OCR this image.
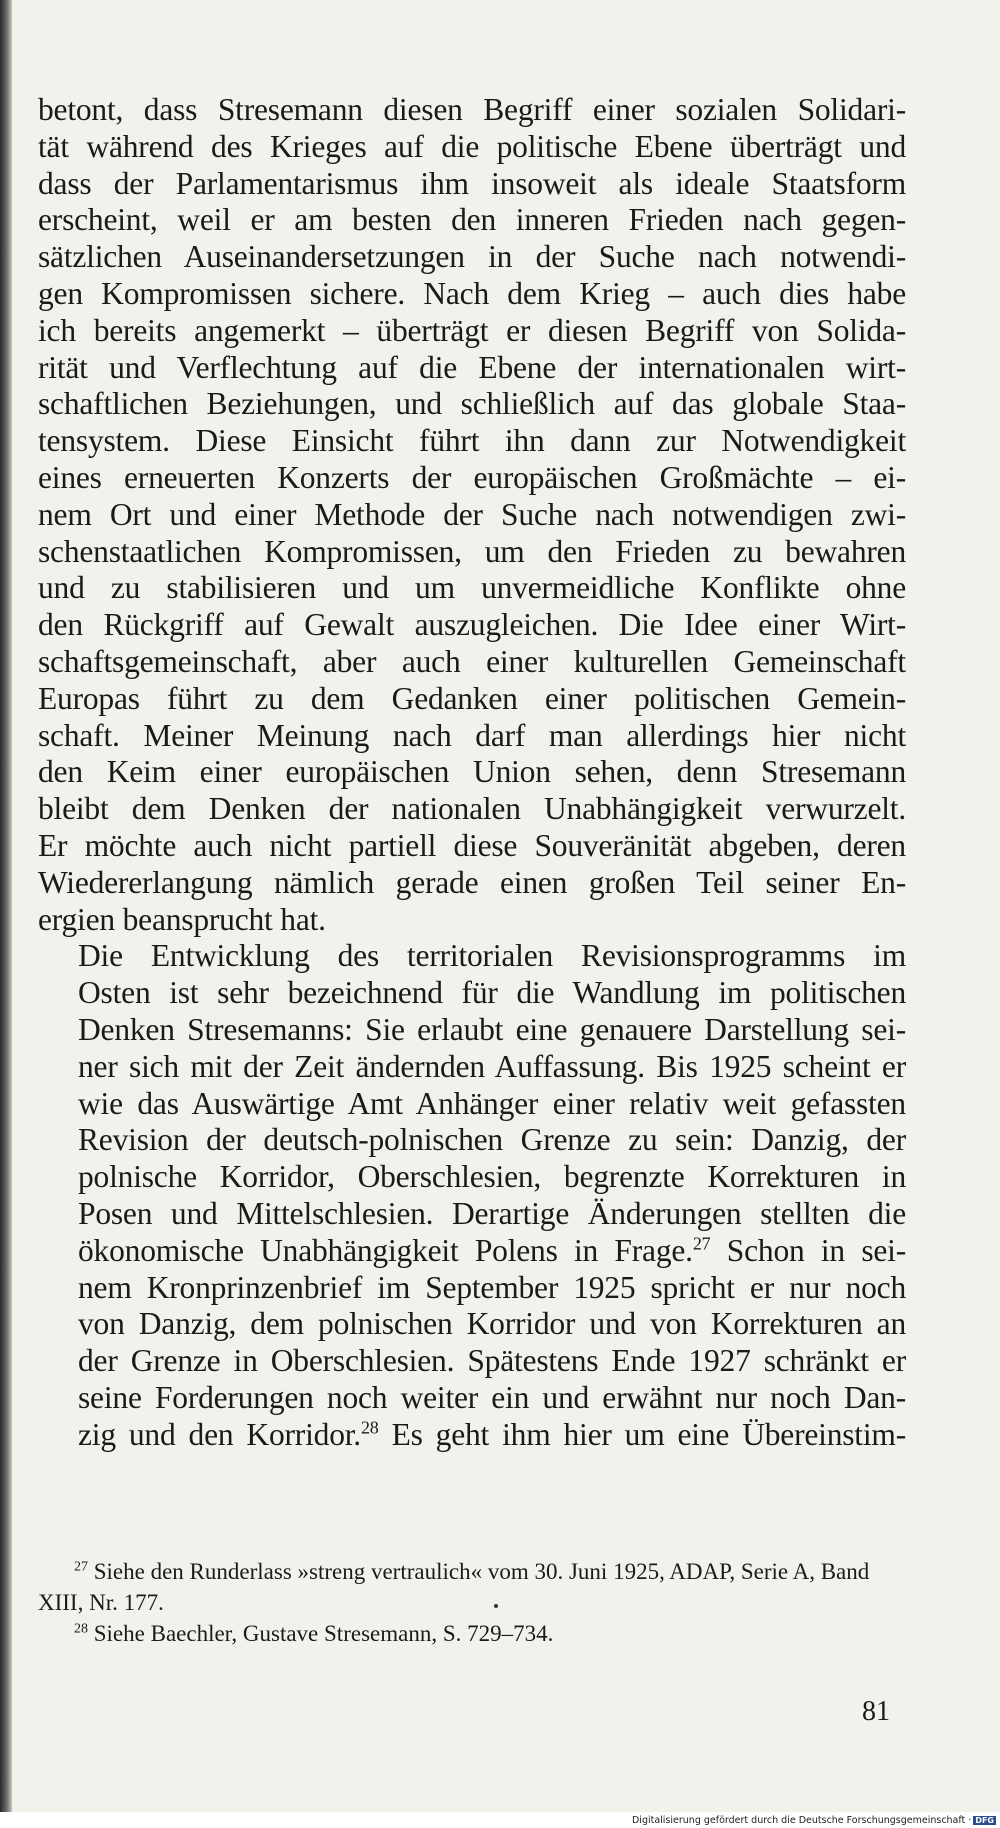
betont, dass Stresemann diesen Begriff einer sozialen Solidari-
tät während des Krieges auf die politische Ebene überträgt und
dass der Parlamentarismus ihm insoweit als ideale Staatsform
erscheint, weil er am besten den inneren Frieden nach gegen-
sätzlichen Auseinandersetzungen in der Suche nach notwendi-
gen Kompromissen sichere. Nach dem Krieg – auch dies habe
ich bereits angemerkt – überträgt er diesen Begriff von Solida-
rität und Verflechtung auf die Ebene der internationalen wirt-
schaftlichen Beziehungen, und schließlich auf das globale Staa-
tensystem. Diese Einsicht führt ihn dann zur Notwendigkeit
eines erneuerten Konzerts der europäischen Großmächte – ei-
nem Ort und einer Methode der Suche nach notwendigen zwi-
schenstaatlichen Kompromissen, um den Frieden zu bewahren
und zu stabilisieren und um unvermeidliche Konflikte ohne
den Rückgriff auf Gewalt auszugleichen. Die Idee einer Wirt-
schaftsgemeinschaft, aber auch einer kulturellen Gemeinschaft
Europas führt zu dem Gedanken einer politischen Gemein-
schaft. Meiner Meinung nach darf man allerdings hier nicht
den Keim einer europäischen Union sehen, denn Stresemann
bleibt dem Denken der nationalen Unabhängigkeit verwurzelt.
Er möchte auch nicht partiell diese Souveränität abgeben, deren
Wiedererlangung nämlich gerade einen großen Teil seiner En-
ergien beansprucht hat.

Die Entwicklung des territorialen Revisionsprogramms im
Osten ist sehr bezeichnend für die Wandlung im politischen
Denken Stresemanns: Sie erlaubt eine genauere Darstellung sei-
ner sich mit der Zeit ändernden Auffassung. Bis 1925 scheint er
wie das Auswärtige Amt Anhänger einer relativ weit gefassten
Revision der deutsch-polnischen Grenze zu sein: Danzig, der
polnische Korridor, Oberschlesien, begrenzte Korrekturen in
Posen und Mittelschlesien. Derartige Änderungen stellten die
ökonomische Unabhängigkeit Polens in Frage.$^{27}$ Schon in sei-
nem Kronprinzenbrief im September 1925 spricht er nur noch
von Danzig, dem polnischen Korridor und von Korrekturen an
der Grenze in Oberschlesien. Spätestens Ende 1927 schränkt er
seine Forderungen noch weiter ein und erwähnt nur noch Dan-
zig und den Korridor.$^{28}$ Es geht ihm hier um eine Übereinstim-

$^{27}$ Siehe den Runderlass »streng vertraulich« vom 30. Juni 1925, ADAP, Serie A, Band XIII, Nr. 177.

$^{28}$ Siehe Baechler, Gustave Stresemann, S. 729–734.

81
Digitalisierung gefördert durch die Deutsche Forschungsgemeinschaft · DFG
